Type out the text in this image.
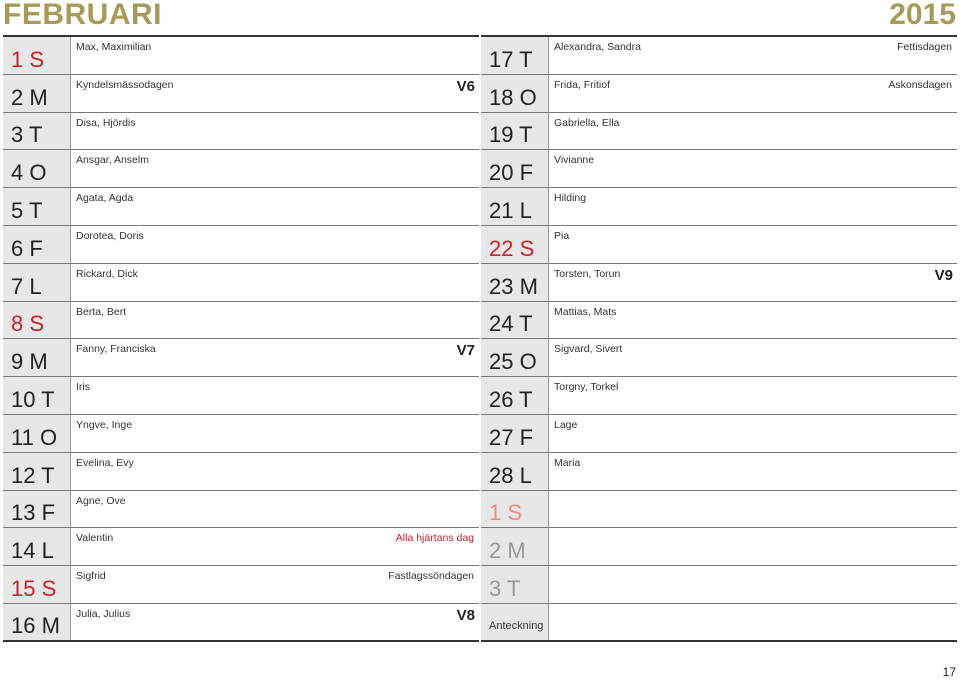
FEBRUARI	2015
1 S	Max, Maximilian
2 M	Kyndelsmässodagen	V6
3 T	Disa, Hjördis
4 O	Ansgar, Anselm
5 T	Agata, Agda
6 F	Dorotea, Doris
7 L	Rickard, Dick
8 S	Berta, Bert
9 M	Fanny, Franciska	V7
10 T	Iris
11 O	Yngve, Inge
12 T	Evelina, Evy
13 F	Agne, Ove
14 L	Valentin	Alla hjärtans dag
15 S	Sigfrid	Fastlagssöndagen
16 M	Julia, Julius	V8
17 T	Alexandra, Sandra	Fettisdagen
18 O	Frida, Fritiof	Askonsdagen
19 T	Gabriella, Ella
20 F	Vivianne
21 L	Hilding
22 S	Pia
23 M	Torsten, Torun	V9
24 T	Mattias, Mats
25 O	Sigvard, Sivert
26 T	Torgny, Torkel
27 F	Lage
28 L	Maria
1 S
2 M
3 T
Anteckning
17
